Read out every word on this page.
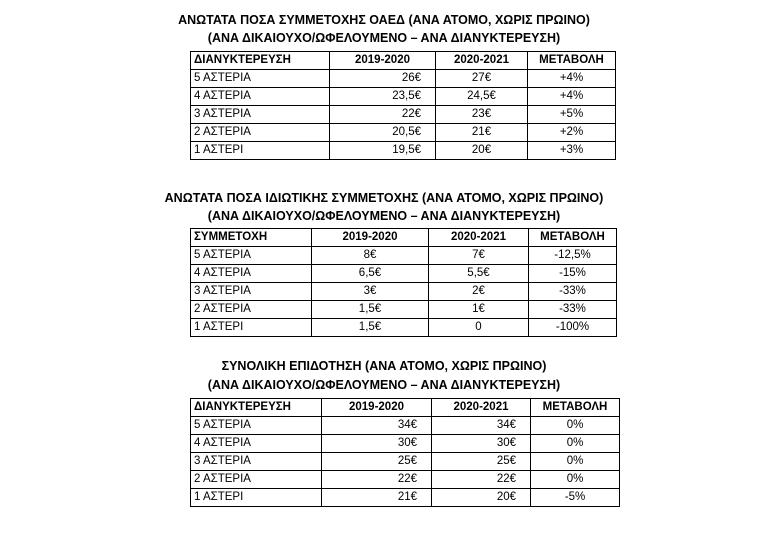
ΑΝΩΤΑΤΑ ΠΟΣΑ ΣΥΜΜΕΤΟΧΗΣ ΟΑΕΔ (ΑΝΑ ΑΤΟΜΟ, ΧΩΡΙΣ ΠΡΩΙΝΟ)
(ΑΝΑ ΔΙΚΑΙΟΥΧΟ/ΩΦΕΛΟΥΜΕΝΟ – ΑΝΑ ΔΙΑΝΥΚΤΕΡΕΥΣΗ)
ΔΙΑΝΥΚΤΕΡΕΥΣΗ	2019-2020	2020-2021	ΜΕΤΑΒΟΛΗ
5 ΑΣΤΕΡΙΑ	26€	27€	+4%
4 ΑΣΤΕΡΙΑ	23,5€	24,5€	+4%
3 ΑΣΤΕΡΙΑ	22€	23€	+5%
2 ΑΣΤΕΡΙΑ	20,5€	21€	+2%
1 ΑΣΤΕΡΙ	19,5€	20€	+3%
ΑΝΩΤΑΤΑ ΠΟΣΑ ΙΔΙΩΤΙΚΗΣ ΣΥΜΜΕΤΟΧΗΣ (ΑΝΑ ΑΤΟΜΟ, ΧΩΡΙΣ ΠΡΩΙΝΟ)
(ΑΝΑ ΔΙΚΑΙΟΥΧΟ/ΩΦΕΛΟΥΜΕΝΟ – ΑΝΑ ΔΙΑΝΥΚΤΕΡΕΥΣΗ)
ΣΥΜΜΕΤΟΧΗ	2019-2020	2020-2021	ΜΕΤΑΒΟΛΗ
5 ΑΣΤΕΡΙΑ	8€	7€	-12,5%
4 ΑΣΤΕΡΙΑ	6,5€	5,5€	-15%
3 ΑΣΤΕΡΙΑ	3€	2€	-33%
2 ΑΣΤΕΡΙΑ	1,5€	1€	-33%
1 ΑΣΤΕΡΙ	1,5€	0	-100%
ΣΥΝΟΛΙΚΗ ΕΠΙΔΟΤΗΣΗ (ΑΝΑ ΑΤΟΜΟ, ΧΩΡΙΣ ΠΡΩΙΝΟ)
(ΑΝΑ ΔΙΚΑΙΟΥΧΟ/ΩΦΕΛΟΥΜΕΝΟ – ΑΝΑ ΔΙΑΝΥΚΤΕΡΕΥΣΗ)
ΔΙΑΝΥΚΤΕΡΕΥΣΗ	2019-2020	2020-2021	ΜΕΤΑΒΟΛΗ
5 ΑΣΤΕΡΙΑ	34€	34€	0%
4 ΑΣΤΕΡΙΑ	30€	30€	0%
3 ΑΣΤΕΡΙΑ	25€	25€	0%
2 ΑΣΤΕΡΙΑ	22€	22€	0%
1 ΑΣΤΕΡΙ	21€	20€	-5%
